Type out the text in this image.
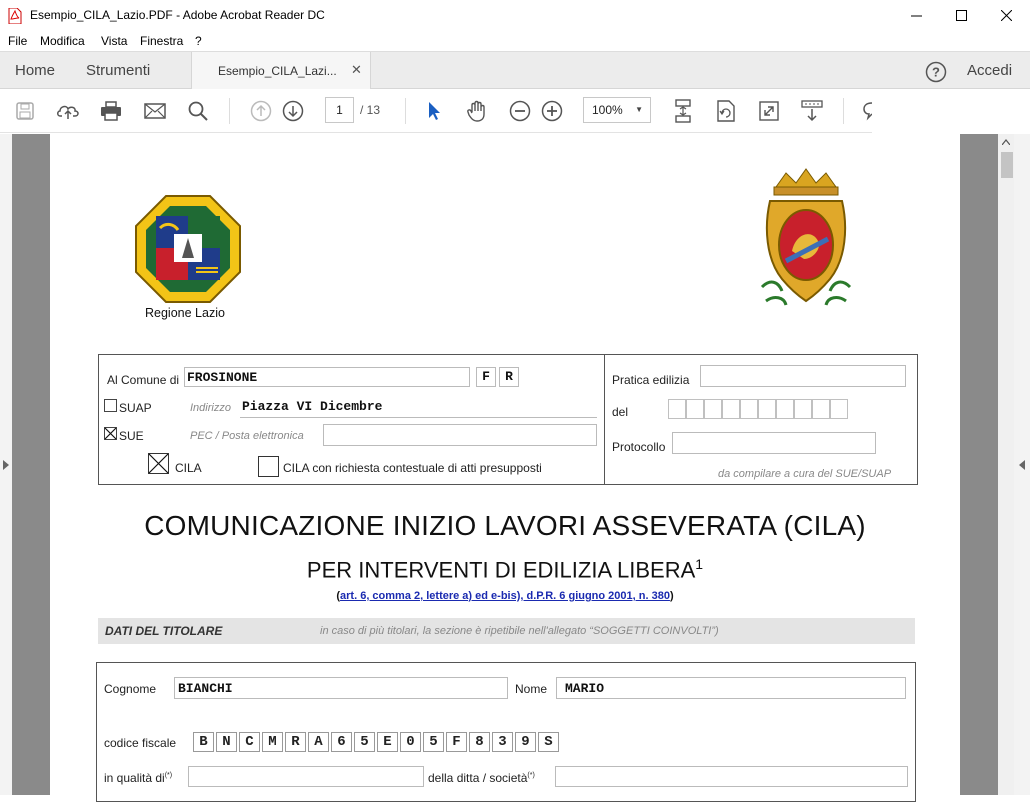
Esempio_CILA_Lazio.PDF - Adobe Acrobat Reader DC
File Modifica Vista Finestra ?
Home Strumenti	Esempio_CILA_Lazi... ✕	? Accedi
1	/ 13	100% ▼
Regione Lazio
Al Comune di FROSINONE	F	R
SUAP	Indirizzo Piazza VI Dicembre
SUE	PEC / Posta elettronica
CILA	CILA con richiesta contestuale di atti presupposti
Pratica edilizia
del
Protocollo
da compilare a cura del SUE/SUAP
COMUNICAZIONE INIZIO LAVORI ASSEVERATA (CILA)
PER INTERVENTI DI EDILIZIA LIBERA$^1$
(art. 6, comma 2, lettere a) ed e-bis), d.P.R. 6 giugno 2001, n. 380)
DATI DEL TITOLARE	in caso di più titolari, la sezione è ripetibile nell'allegato “SOGGETTI COINVOLTI”)
Cognome BIANCHI	Nome MARIO
codice fiscale	B	N	C	M	R	A	6	5	E	0	5	F	8	3	9	S
in qualità di(*)	della ditta / società(*)
